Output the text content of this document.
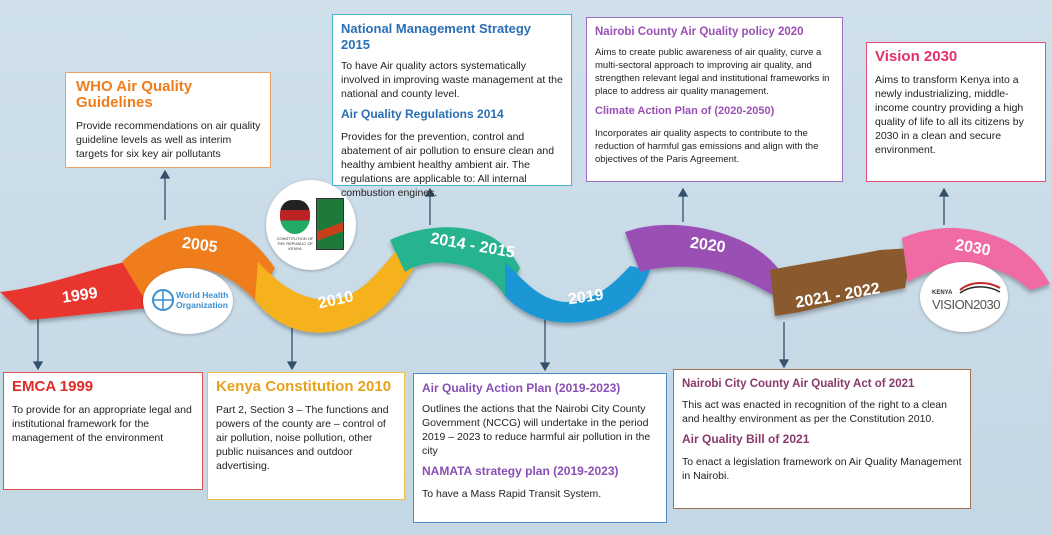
1999
2005
2010
2014 - 2015
2019
2020
2021 - 2022
2030
World Health Organization
CONSTITUTION OF THE REPUBLIC OF KENYA
KENYA
VISION2030
WHO Air Quality Guidelines
Provide recommendations on air quality guideline levels as well as interim targets for six key air pollutants
National Management Strategy 2015
To have Air quality actors systematically involved in improving waste management at the national and county level.
Air Quality Regulations 2014
Provides for the prevention, control and abatement of air pollution to ensure clean and healthy ambient healthy ambient air. The regulations are applicable to: All internal combustion engines.
Nairobi County Air Quality policy 2020
Aims to create public awareness of air quality, curve a multi-sectoral approach to improving air quality, and strengthen relevant legal and institutional frameworks in place to address air quality management.
Climate Action Plan of (2020-2050)
Incorporates air quality aspects to contribute to the reduction of harmful gas emissions and align with the objectives of the Paris Agreement.
Vision 2030
Aims to transform Kenya into a newly industrializing, middle-income country providing a high quality of life to all its citizens by 2030 in a clean and secure environment.
EMCA 1999
To provide for an appropriate legal and institutional framework for the management of the environment
Kenya Constitution 2010
Part 2, Section 3 – The functions and powers of the county are – control of air pollution, noise pollution, other public nuisances and outdoor advertising.
Air Quality Action Plan (2019-2023)
Outlines the actions that the Nairobi City County Government (NCCG) will undertake in the period 2019 – 2023 to reduce harmful air pollution in the city
NAMATA strategy plan (2019-2023)
To have a Mass Rapid Transit System.
Nairobi City County Air Quality Act of 2021
This act was enacted in recognition of the right to a clean and healthy environment as per the Constitution 2010.
Air Quality Bill of 2021
To enact a legislation framework on Air Quality Management in Nairobi.
